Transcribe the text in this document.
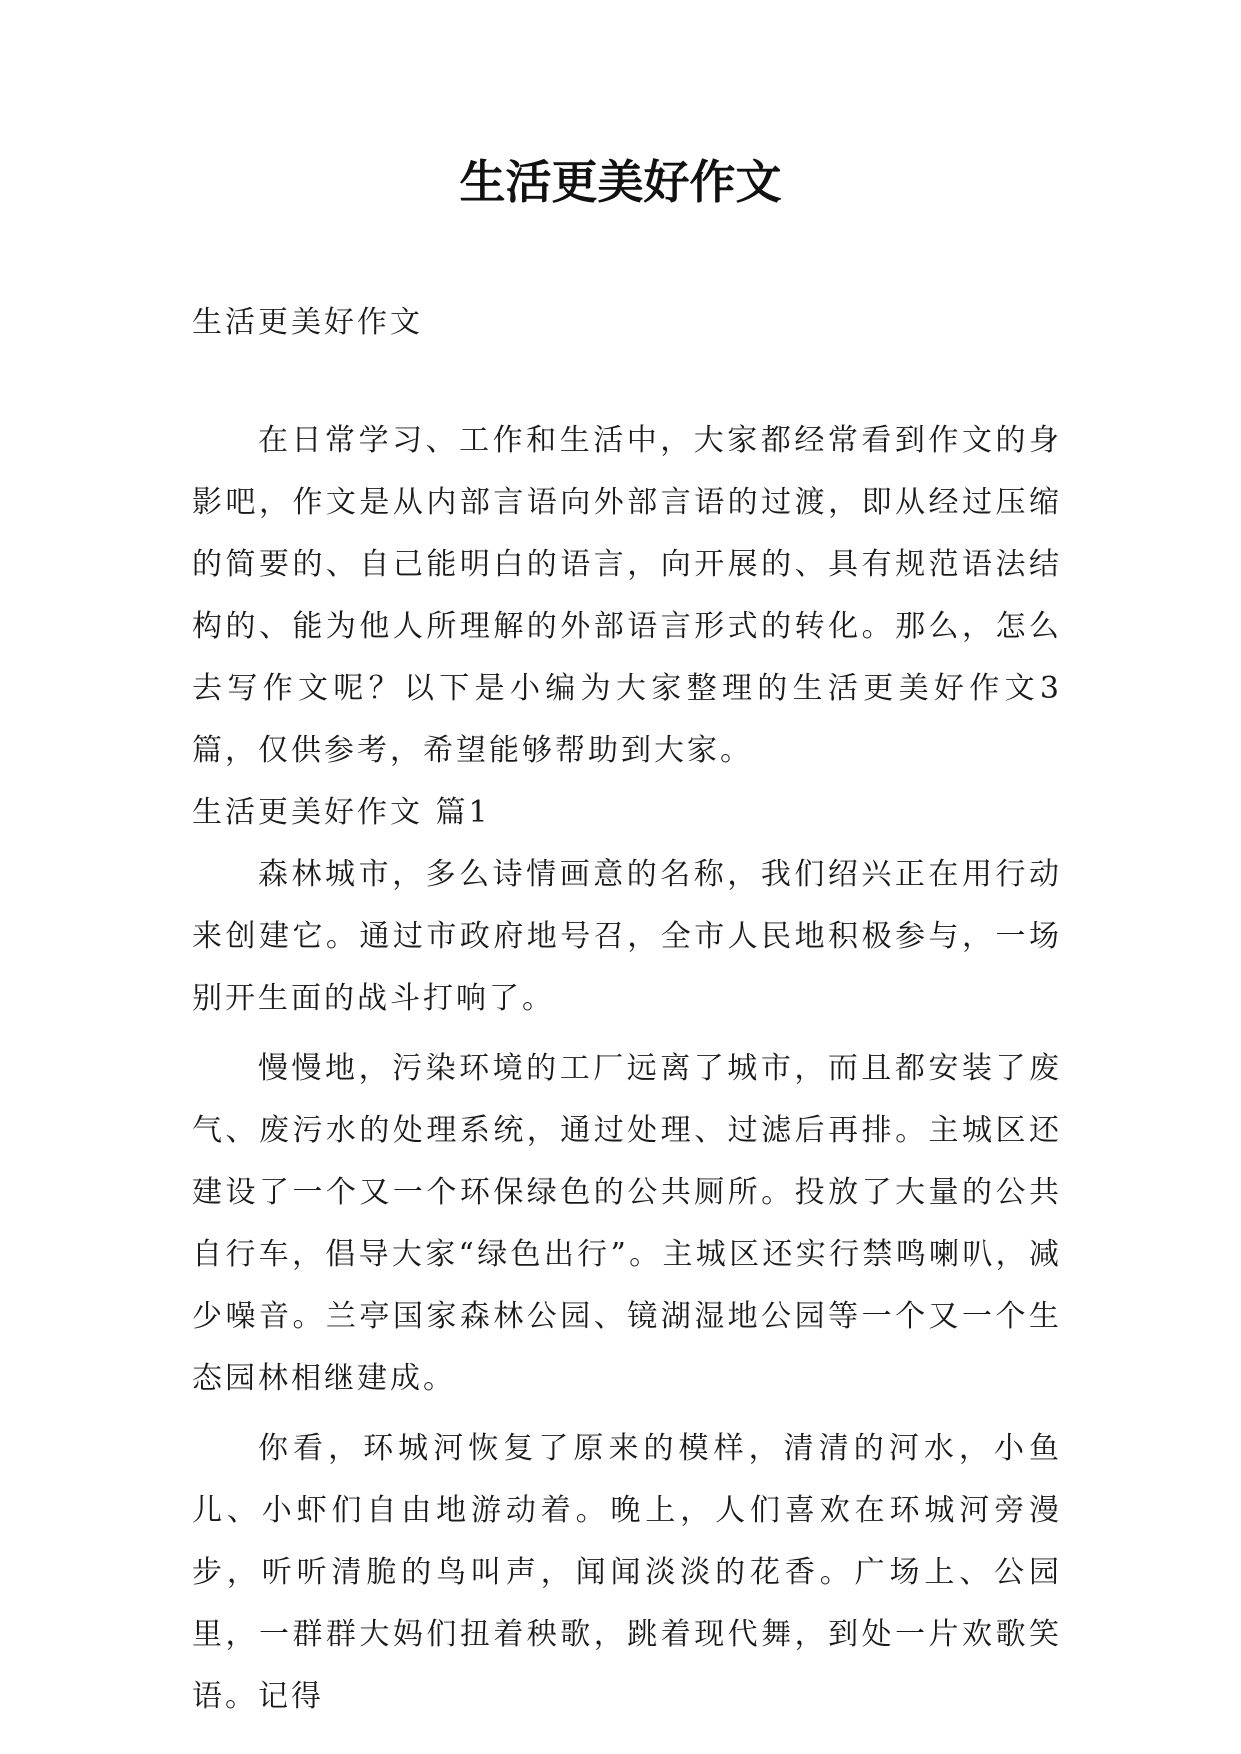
生活更美好作文

生活更美好作文

在日常学习、工作和生活中，大家都经常看到作文的身影吧，作文是从内部言语向外部言语的过渡，即从经过压缩的简要的、自己能明白的语言，向开展的、具有规范语法结构的、能为他人所理解的外部语言形式的转化。那么，怎么去写作文呢？以下是小编为大家整理的生活更美好作文3篇，仅供参考，希望能够帮助到大家。

生活更美好作文 篇1

森林城市，多么诗情画意的名称，我们绍兴正在用行动来创建它。通过市政府地号召，全市人民地积极参与，一场别开生面的战斗打响了。

慢慢地，污染环境的工厂远离了城市，而且都安装了废气、废污水的处理系统，通过处理、过滤后再排。主城区还建设了一个又一个环保绿色的公共厕所。投放了大量的公共自行车，倡导大家“绿色出行”。主城区还实行禁鸣喇叭，减少噪音。兰亭国家森林公园、镜湖湿地公园等一个又一个生态园林相继建成。

你看，环城河恢复了原来的模样，清清的河水，小鱼儿、小虾们自由地游动着。晚上，人们喜欢在环城河旁漫步，听听清脆的鸟叫声，闻闻淡淡的花香。广场上、公园里，一群群大妈们扭着秧歌，跳着现代舞，到处一片欢歌笑语。记得
